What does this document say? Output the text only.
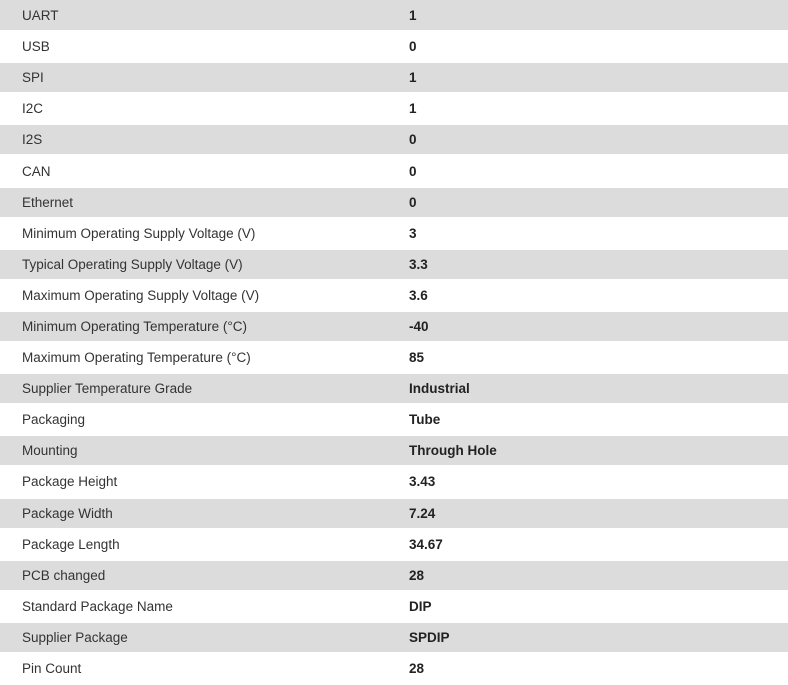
UART	1
USB	0
SPI	1
I2C	1
I2S	0
CAN	0
Ethernet	0
Minimum Operating Supply Voltage (V)	3
Typical Operating Supply Voltage (V)	3.3
Maximum Operating Supply Voltage (V)	3.6
Minimum Operating Temperature (°C)	-40
Maximum Operating Temperature (°C)	85
Supplier Temperature Grade	Industrial
Packaging	Tube
Mounting	Through Hole
Package Height	3.43
Package Width	7.24
Package Length	34.67
PCB changed	28
Standard Package Name	DIP
Supplier Package	SPDIP
Pin Count	28
